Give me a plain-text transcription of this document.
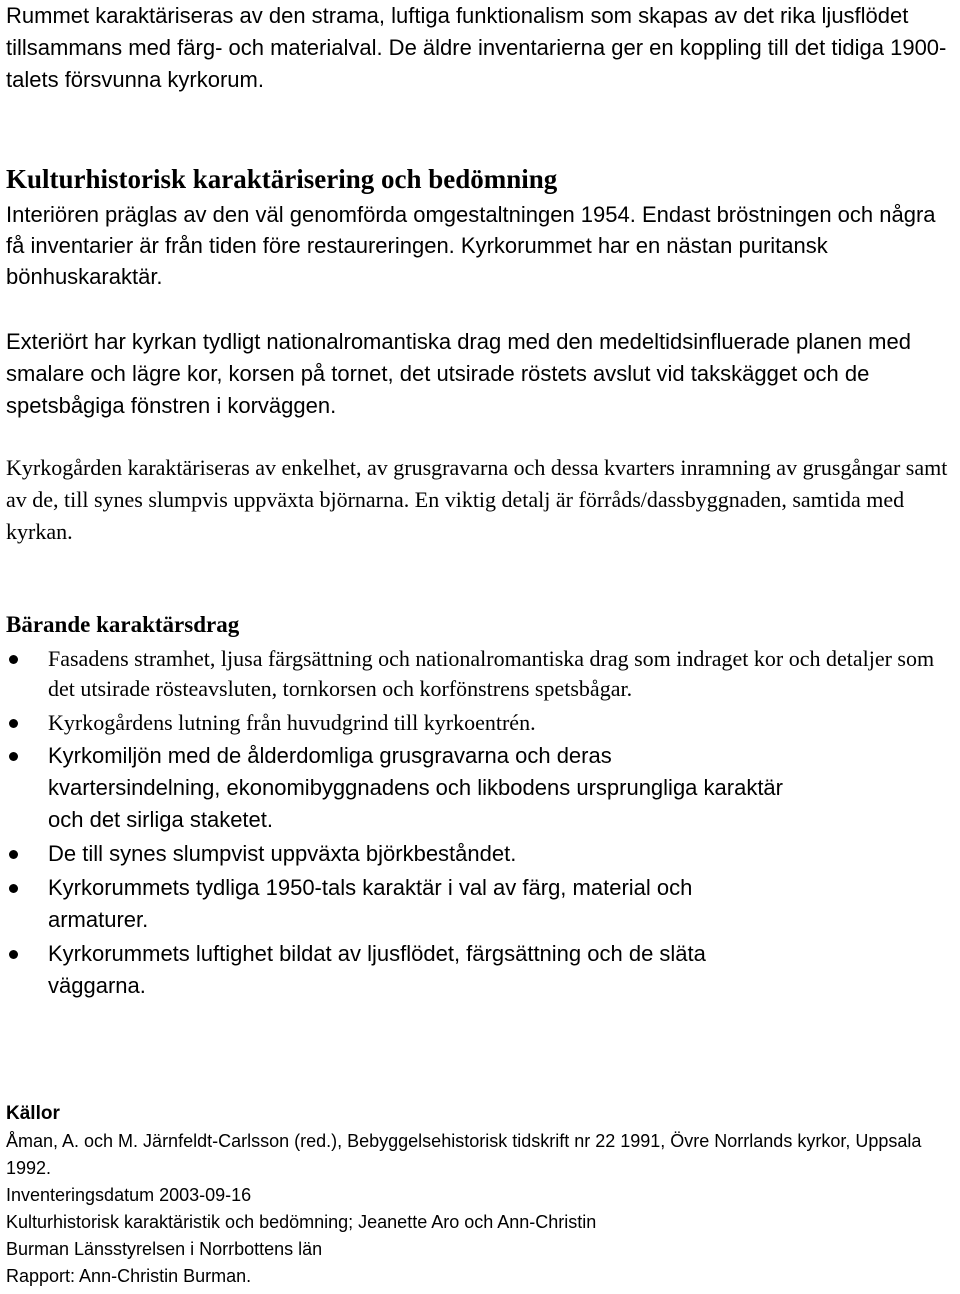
Rummet karaktäriseras av den strama, luftiga funktionalism som skapas av det rika ljusflödet tillsammans med färg- och materialval. De äldre inventarierna ger en koppling till det tidiga 1900-talets försvunna kyrkorum.

Kulturhistorisk karaktärisering och bedömning

Interiören präglas av den väl genomförda omgestaltningen 1954. Endast bröstningen och några få inventarier är från tiden före restaureringen. Kyrkorummet har en nästan puritansk bönhuskaraktär.

Exteriört har kyrkan tydligt nationalromantiska drag med den medeltidsinfluerade planen med smalare och lägre kor, korsen på tornet, det utsirade röstets avslut vid takskägget och de spetsbågiga fönstren i korväggen.

Kyrkogården karaktäriseras av enkelhet, av grusgravarna och dessa kvarters inramning av grusgångar samt av de, till synes slumpvis uppväxta björnarna. En viktig detalj är förråds/dassbyggnaden, samtida med kyrkan.

Bärande karaktärsdrag
Fasadens stramhet, ljusa färgsättning och nationalromantiska drag som indraget kor och detaljer som det utsirade rösteavsluten, tornkorsen och korfönstrens spetsbågar.
Kyrkogårdens lutning från huvudgrind till kyrkoentrén.
Kyrkomiljön med de ålderdomliga grusgravarna och deras kvartersindelning, ekonomibyggnadens och likbodens ursprungliga karaktär och det sirliga staketet.
De till synes slumpvist uppväxta björkbeståndet.
Kyrkorummets tydliga 1950-tals karaktär i val av färg, material och armaturer.
Kyrkorummets luftighet bildat av ljusflödet, färgsättning och de släta väggarna.
Källor

Åman, A. och M. Järnfeldt-Carlsson (red.), Bebyggelsehistorisk tidskrift nr 22 1991, Övre Norrlands kyrkor, Uppsala 1992.

Inventeringsdatum 2003-09-16

Kulturhistorisk karaktäristik och bedömning; Jeanette Aro och Ann-Christin

Burman Länsstyrelsen i Norrbottens län

Rapport: Ann-Christin Burman.
